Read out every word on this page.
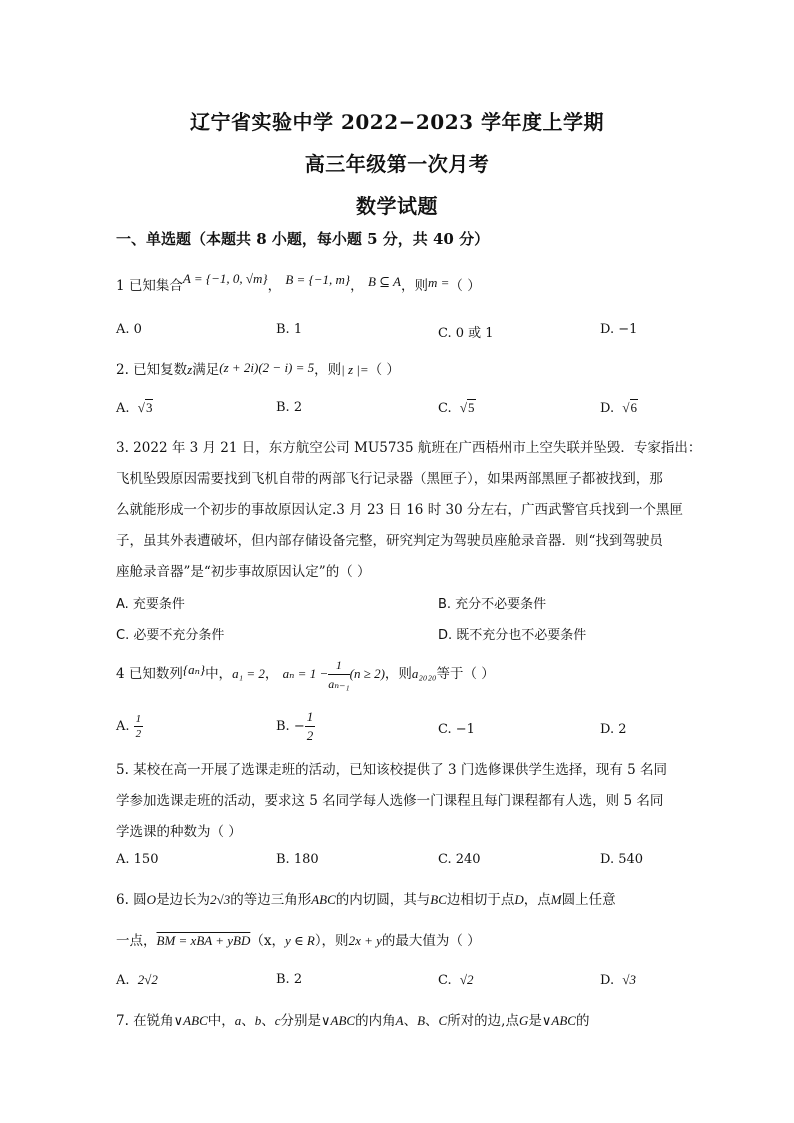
辽宁省实验中学 2022−2023 学年度上学期
高三年级第一次月考
数学试题
一、单选题（本题共 8 小题，每小题 5 分，共 40 分）
1 已知集合A = {−1, 0, √m}， B = {−1, m}， B ⊆ A，则m =（ ）
A. 0	B. 1	C. 0 或 1	D. −1
2. 已知复数z满足(z + 2i)(2 − i) = 5，则| z |=（ ）
A. √3	B. 2	C. √5	D. √6
3. 2022 年 3 月 21 日，东方航空公司 MU5735 航班在广西梧州市上空失联并坠毁．专家指出：
飞机坠毁原因需要找到飞机自带的两部飞行记录器（黑匣子），如果两部黑匣子都被找到，那
么就能形成一个初步的事故原因认定.3 月 23 日 16 时 30 分左右，广西武警官兵找到一个黑匣
子，虽其外表遭破坏，但内部存储设备完整，研究判定为驾驶员座舱录音器．则“找到驾驶员
座舱录音器”是“初步事故原因认定”的（ ）
A. 充要条件	B. 充分不必要条件
C. 必要不充分条件	D. 既不充分也不必要条件
4 已知数列{aₙ}中，a₁ = 2， $a_n = 1 - \frac{1}{\text{aₙ₋₁}} (n \ge 2)$，则a₂₀₂₀等于（ ）
A. $\frac{1}{2}$	B. − $\frac{1}{2}$	C. −1	D. 2
5. 某校在高一开展了选课走班的活动，已知该校提供了 3 门选修课供学生选择，现有 5 名同
学参加选课走班的活动，要求这 5 名同学每人选修一门课程且每门课程都有人选，则 5 名同
学选课的种数为（ ）
A. 150	B. 180	C. 240	D. 540
6. 圆O是边长为2√3的等边三角形ABC的内切圆，其与BC边相切于点D，点M圆上任意
一点，BM = xBA + yBD（x，y ∈ R），则2x + y的最大值为（ ）
A. 2√2	B. 2	C. √2	D. √3
7. 在锐角∨ABC中，a、b、c分别是∨ABC的内角A、B、C所对的边,点G是∨ABC的
